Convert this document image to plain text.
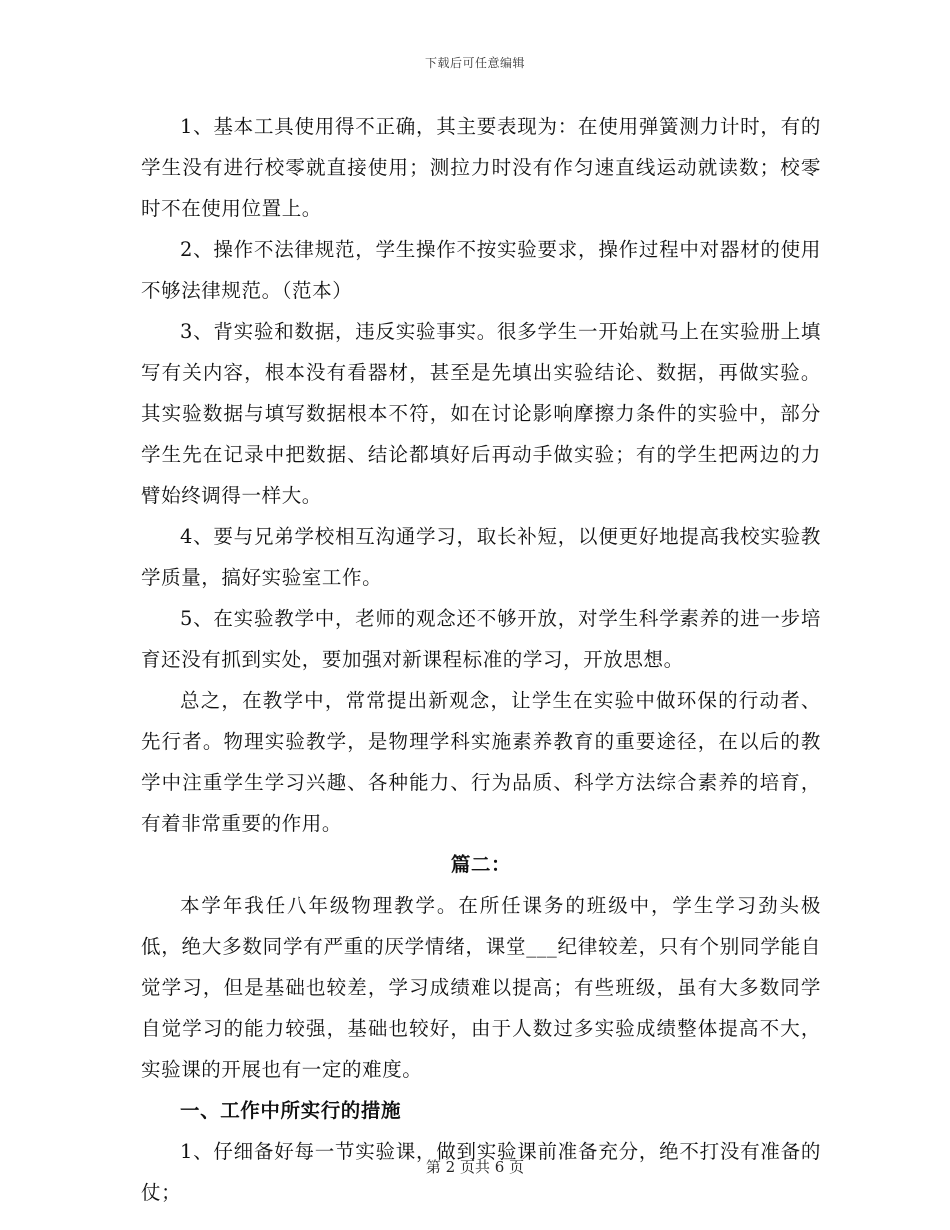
下载后可任意编辑

1、基本工具使用得不正确，其主要表现为：在使用弹簧测力计时，有的学生没有进行校零就直接使用；测拉力时没有作匀速直线运动就读数；校零时不在使用位置上。

2、操作不法律规范，学生操作不按实验要求，操作过程中对器材的使用不够法律规范。（范本）

3、背实验和数据，违反实验事实。很多学生一开始就马上在实验册上填写有关内容，根本没有看器材，甚至是先填出实验结论、数据，再做实验。其实验数据与填写数据根本不符，如在讨论影响摩擦力条件的实验中，部分学生先在记录中把数据、结论都填好后再动手做实验；有的学生把两边的力臂始终调得一样大。

4、要与兄弟学校相互沟通学习，取长补短，以便更好地提高我校实验教学质量，搞好实验室工作。

5、在实验教学中，老师的观念还不够开放，对学生科学素养的进一步培育还没有抓到实处，要加强对新课程标准的学习，开放思想。

总之，在教学中，常常提出新观念，让学生在实验中做环保的行动者、先行者。物理实验教学，是物理学科实施素养教育的重要途径，在以后的教学中注重学生学习兴趣、各种能力、行为品质、科学方法综合素养的培育，有着非常重要的作用。

篇二：

本学年我任八年级物理教学。在所任课务的班级中，学生学习劲头极低，绝大多数同学有严重的厌学情绪，课堂___纪律较差，只有个别同学能自觉学习，但是基础也较差，学习成绩难以提高；有些班级，虽有大多数同学自觉学习的能力较强，基础也较好，由于人数过多实验成绩整体提高不大，实验课的开展也有一定的难度。

一、工作中所实行的措施

1、仔细备好每一节实验课，做到实验课前准备充分，绝不打没有准备的仗；

第 2 页共 6 页
